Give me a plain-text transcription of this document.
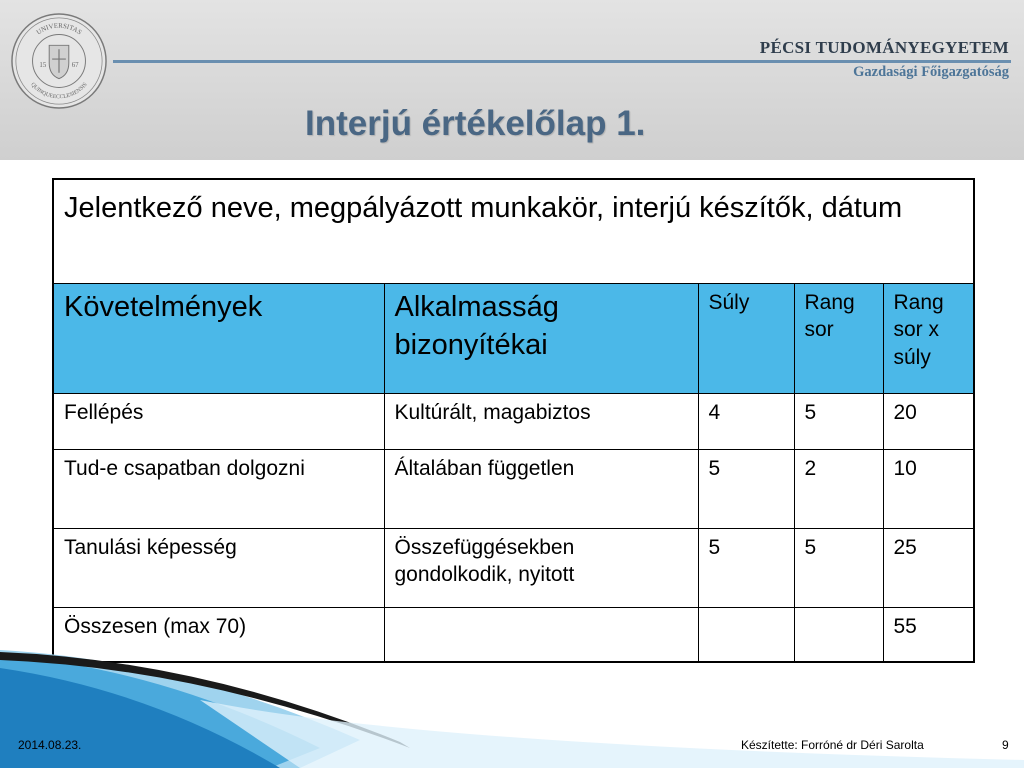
UNIVERSITAS
QUINQUEECCLESIENSIS
15	67
PÉCSI TUDOMÁNYEGYETEM
Gazdasági Főigazgatóság
Interjú értékelőlap 1.
Jelentkező neve, megpályázott munkakör, interjú készítők, dátum				
Követelmények	Alkalmasság bizonyítékai	Súly	Rang sor	Rang sor x súly
Fellépés	Kultúrált, magabiztos	4	5	20
Tud-e csapatban dolgozni	Általában független	5	2	10
Tanulási képesség	Összefüggésekben gondolkodik, nyitott	5	5	25
Összesen (max 70)				55
2014.08.23.	Készítette: Forróné dr Déri Sarolta	9
